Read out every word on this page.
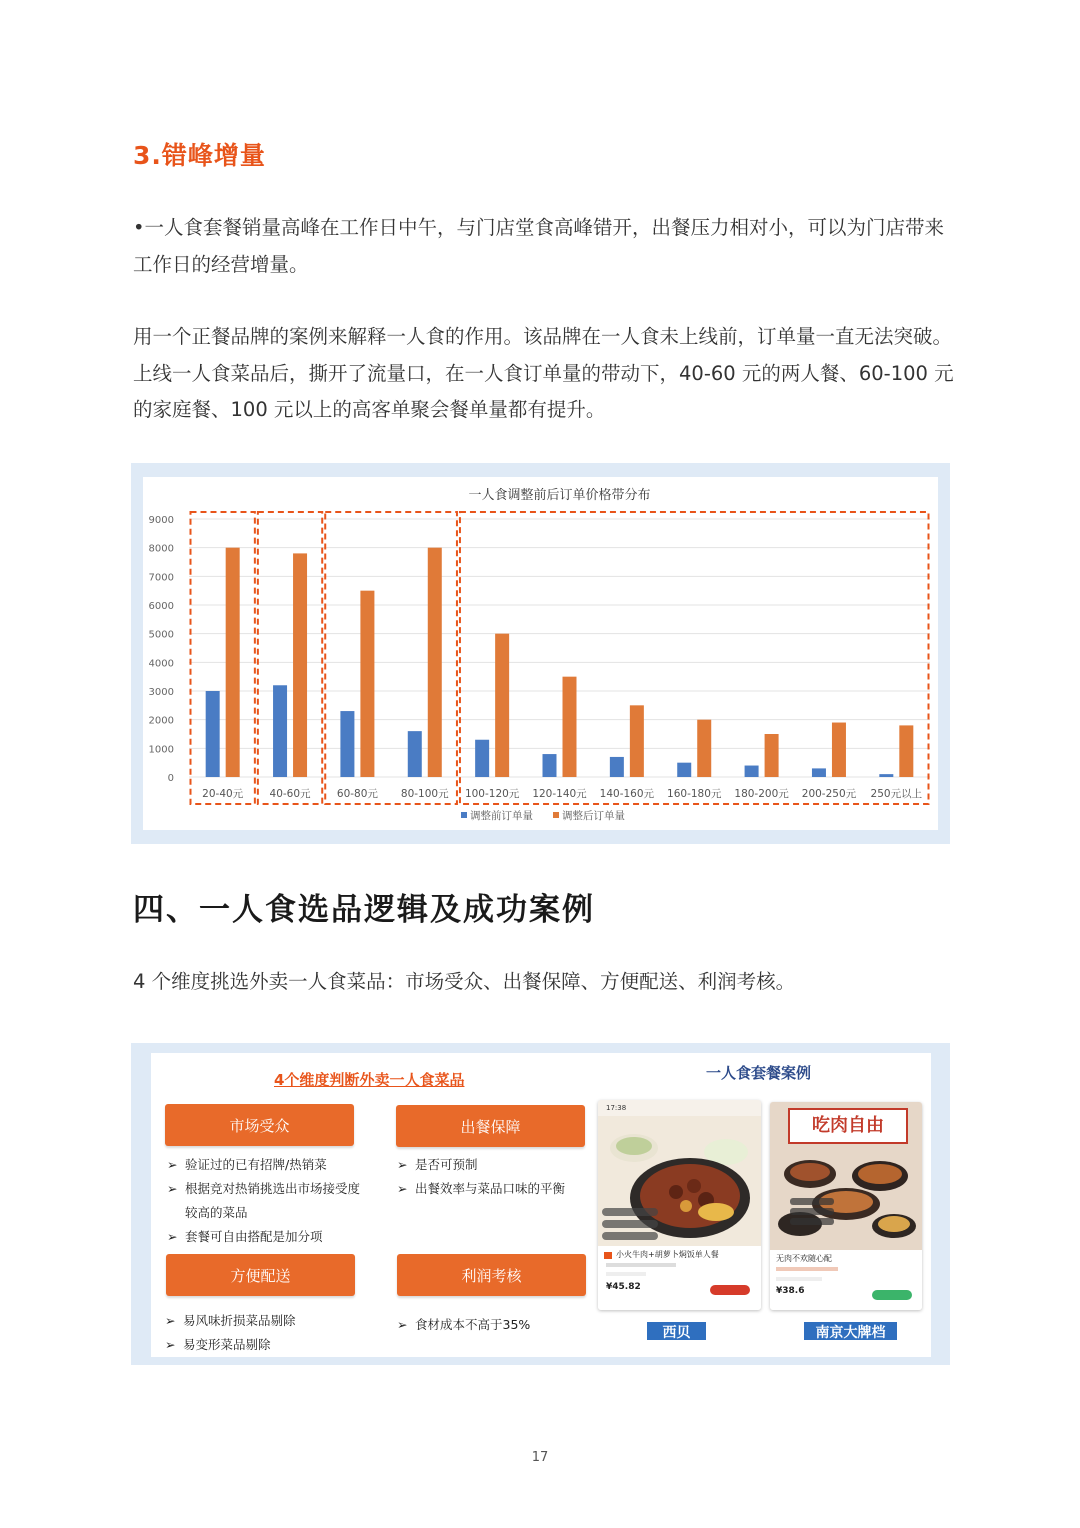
3.错峰增量
•一人食套餐销量高峰在工作日中午，与门店堂食高峰错开，出餐压力相对小，可以为门店带来工作日的经营增量。
用一个正餐品牌的案例来解释一人食的作用。该品牌在一人食未上线前，订单量一直无法突破。上线一人食菜品后，撕开了流量口，在一人食订单量的带动下，40-60 元的两人餐、60-100 元的家庭餐、100 元以上的高客单聚会餐单量都有提升。
一人食调整前后订单价格带分布
0
1000
2000
3000
4000
5000
6000
7000
8000
9000
20-40元	40-60元	60-80元 80-100元 100-120元 120-140元 140-160元 160-180元 180-200元 200-250元 250元以上
调整前订单量	调整后订单量
四、一人食选品逻辑及成功案例
4 个维度挑选外卖一人食菜品：市场受众、出餐保障、方便配送、利润考核。
4个维度判断外卖一人食菜品	一人食套餐案例
市场受众
➢ 验证过的已有招牌/热销菜
➢ 根据竞对热销挑选出市场接受度
较高的菜品
➢ 套餐可自由搭配是加分项
出餐保障
➢ 是否可预制
➢ 出餐效率与菜品口味的平衡
方便配送
➢ 易风味折损菜品剔除
➢ 易变形菜品剔除
利润考核
➢ 食材成本不高于35%
17:38
小火牛肉+胡萝卜焖饭单人餐
¥45.82
西贝
吃肉自由
无肉不欢随心配
¥38.6
南京大牌档
17
